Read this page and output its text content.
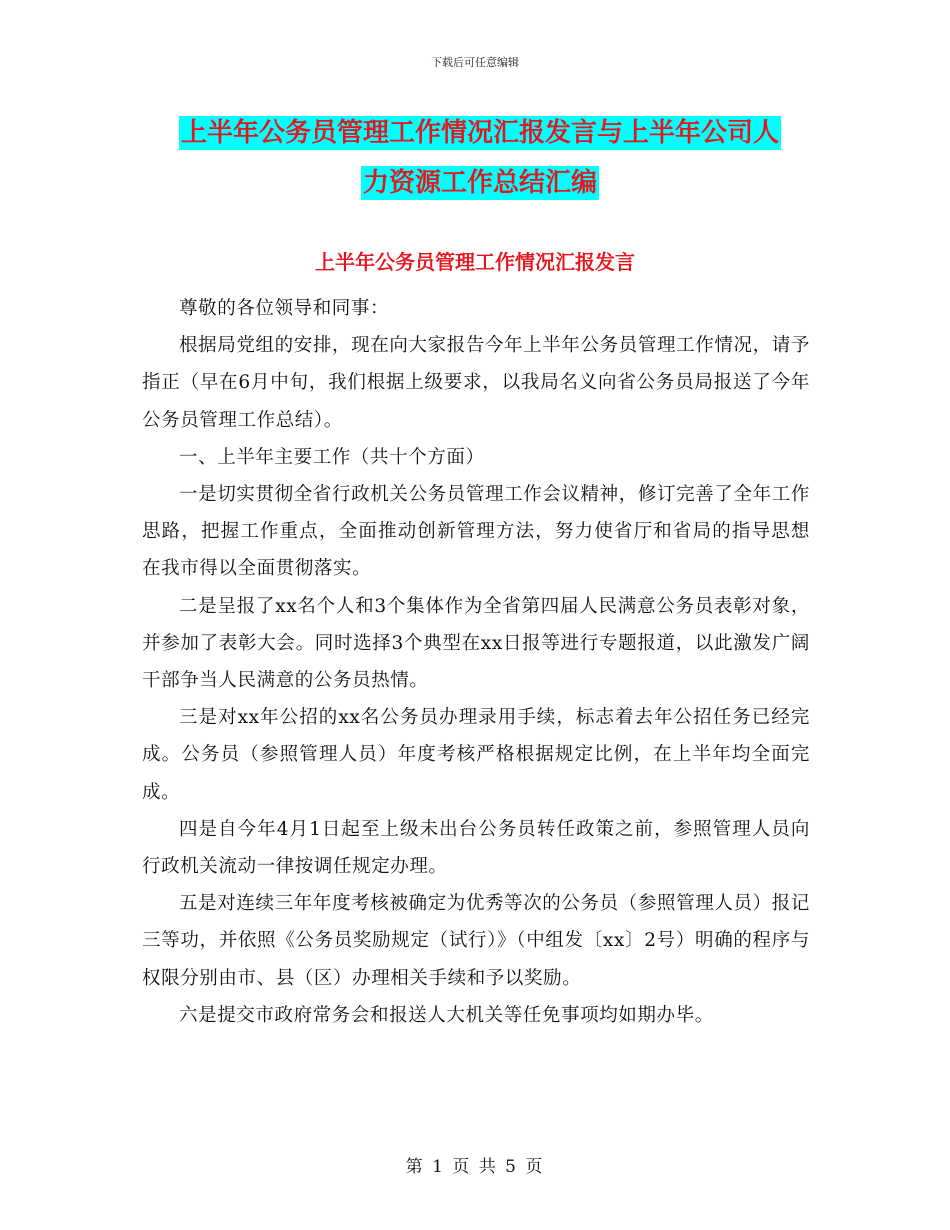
下载后可任意编辑
上半年公务员管理工作情况汇报发言与上半年公司人
力资源工作总结汇编
上半年公务员管理工作情况汇报发言

尊敬的各位领导和同事：

根据局党组的安排，现在向大家报告今年上半年公务员管理工作情况，请予指正（早在6月中旬，我们根据上级要求，以我局名义向省公务员局报送了今年公务员管理工作总结）。

一、上半年主要工作（共十个方面）

一是切实贯彻全省行政机关公务员管理工作会议精神，修订完善了全年工作思路，把握工作重点，全面推动创新管理方法，努力使省厅和省局的指导思想在我市得以全面贯彻落实。

二是呈报了xx名个人和3个集体作为全省第四届人民满意公务员表彰对象，并参加了表彰大会。同时选择3个典型在xx日报等进行专题报道，以此激发广阔干部争当人民满意的公务员热情。

三是对xx年公招的xx名公务员办理录用手续，标志着去年公招任务已经完成。公务员（参照管理人员）年度考核严格根据规定比例，在上半年均全面完成。

四是自今年4月1日起至上级未出台公务员转任政策之前，参照管理人员向行政机关流动一律按调任规定办理。

五是对连续三年年度考核被确定为优秀等次的公务员（参照管理人员）报记三等功，并依照《公务员奖励规定（试行）》（中组发〔xx〕2号）明确的程序与权限分别由市、县（区）办理相关手续和予以奖励。

六是提交市政府常务会和报送人大机关等任免事项均如期办毕。

第 1 页 共 5 页
